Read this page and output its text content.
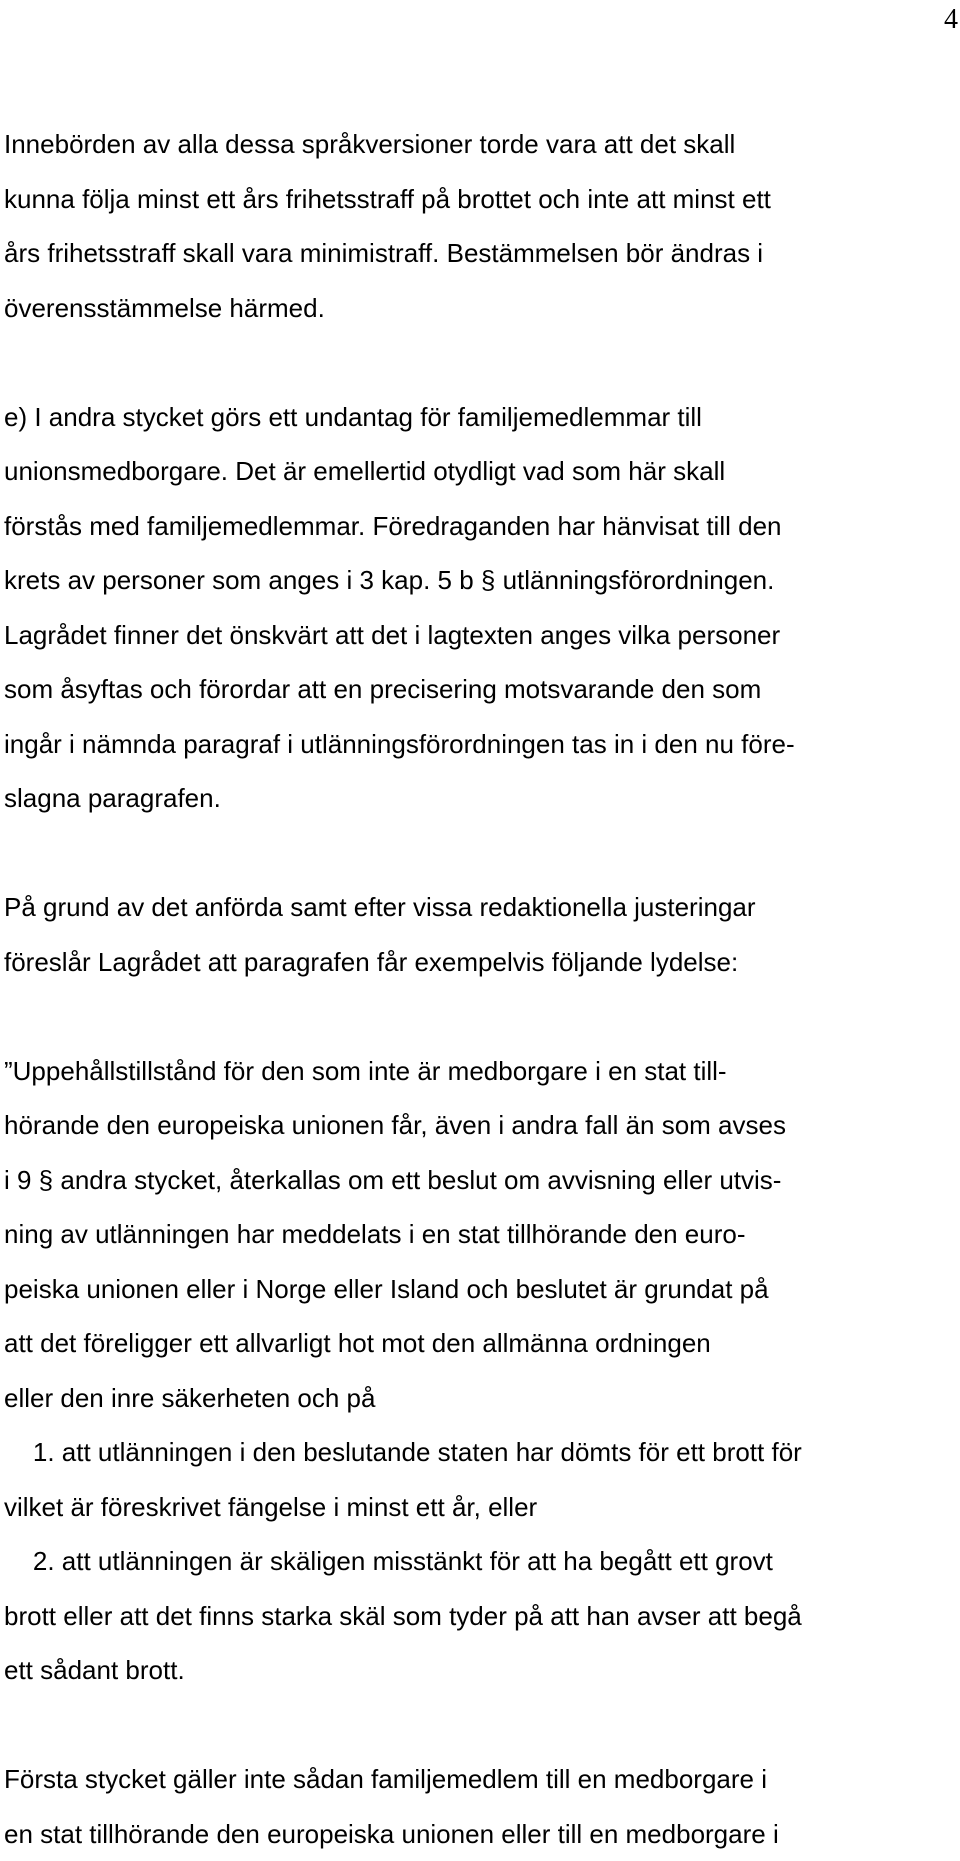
4
Innebörden av alla dessa språkversioner torde vara att det skall
kunna följa minst ett års frihetsstraff på brottet och inte att minst ett
års frihetsstraff skall vara minimistraff. Bestämmelsen bör ändras i
överensstämmelse härmed.
e) I andra stycket görs ett undantag för familjemedlemmar till
unionsmedborgare. Det är emellertid otydligt vad som här skall
förstås med familjemedlemmar. Föredraganden har hänvisat till den
krets av personer som anges i 3 kap. 5 b § utlänningsförordningen.
Lagrådet finner det önskvärt att det i lagtexten anges vilka personer
som åsyftas och förordar att en precisering motsvarande den som
ingår i nämnda paragraf i utlänningsförordningen tas in i den nu före-
slagna paragrafen.
På grund av det anförda samt efter vissa redaktionella justeringar
föreslår Lagrådet att paragrafen får exempelvis följande lydelse:
”Uppehållstillstånd för den som inte är medborgare i en stat till-
hörande den europeiska unionen får, även i andra fall än som avses
i 9 § andra stycket, återkallas om ett beslut om avvisning eller utvis-
ning av utlänningen har meddelats i en stat tillhörande den euro-
peiska unionen eller i Norge eller Island och beslutet är grundat på
att det föreligger ett allvarligt hot mot den allmänna ordningen
eller den inre säkerheten och på
1. att utlänningen i den beslutande staten har dömts för ett brott för
vilket är föreskrivet fängelse i minst ett år, eller
2. att utlänningen är skäligen misstänkt för att ha begått ett grovt
brott eller att det finns starka skäl som tyder på att han avser att begå
ett sådant brott.
Första stycket gäller inte sådan familjemedlem till en medborgare i
en stat tillhörande den europeiska unionen eller till en medborgare i
